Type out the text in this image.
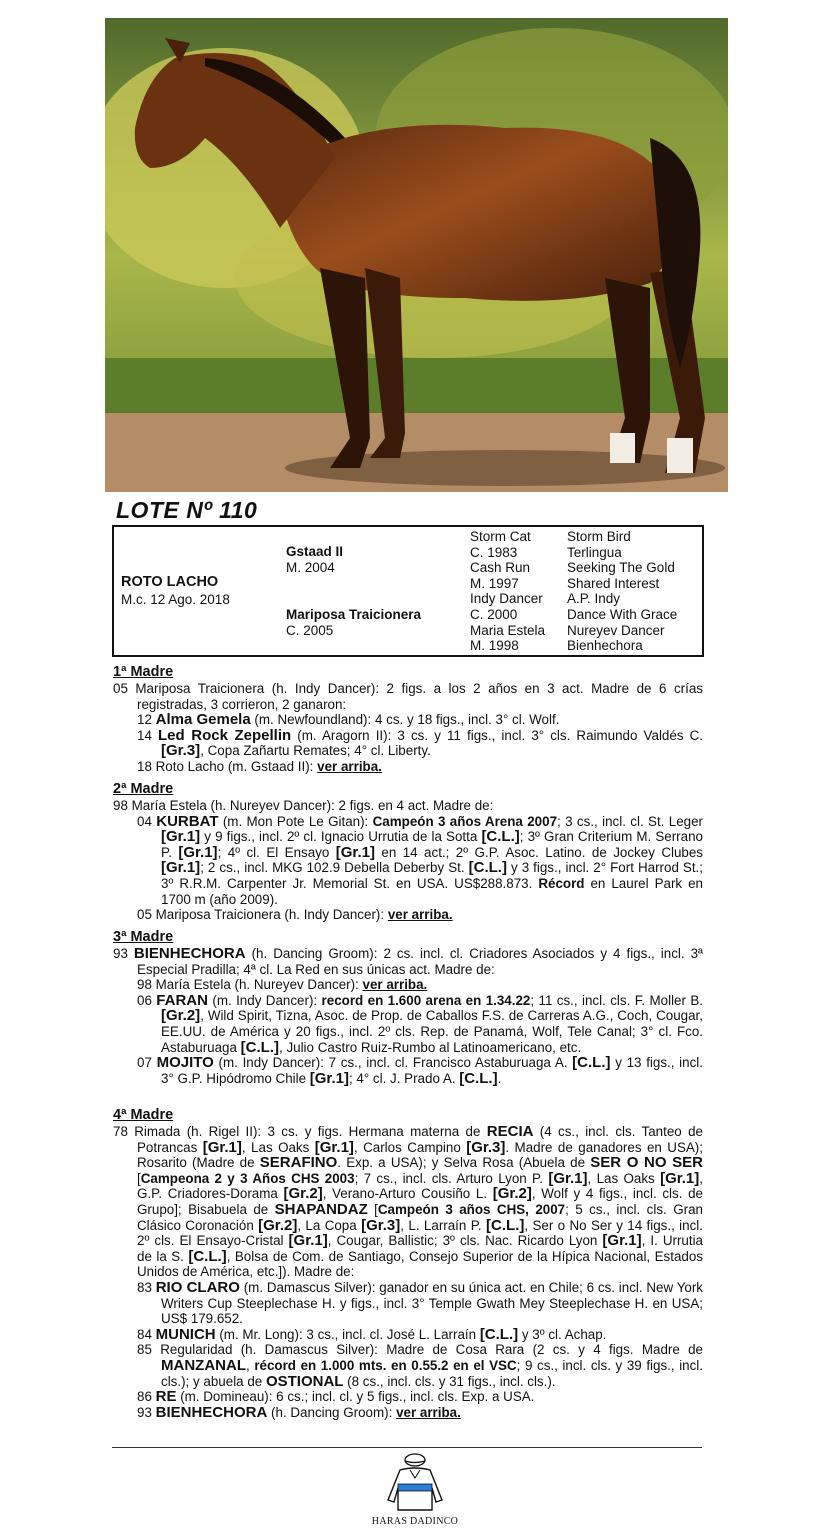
LOTE Nº 110
ROTO LACHO
M.c. 12 Ago. 2018
Gstaad II
M. 2004
Mariposa Traicionera
C. 2005
Storm Cat
C. 1983
Cash Run
M. 1997
Indy Dancer
C. 2000
Maria Estela
M. 1998
Storm Bird
Terlingua
Seeking The Gold
Shared Interest
A.P. Indy
Dance With Grace
Nureyev Dancer
Bienhechora
1ª Madre
05 Mariposa Traicionera (h. Indy Dancer): 2 figs. a los 2 años en 3 act. Madre de 6 crías registradas, 3 corrieron, 2 ganaron:
12 Alma Gemela (m. Newfoundland): 4 cs. y 18 figs., incl. 3° cl. Wolf.
14 Led Rock Zepellin (m. Aragorn II): 3 cs. y 11 figs., incl. 3° cls. Raimundo Valdés C. [Gr.3], Copa Zañartu Remates; 4° cl. Liberty.
18 Roto Lacho (m. Gstaad II): ver arriba.
2ª Madre
98 María Estela (h. Nureyev Dancer): 2 figs. en 4 act. Madre de:
04 KURBAT (m. Mon Pote Le Gitan): Campeón 3 años Arena 2007; 3 cs., incl. cl. St. Leger [Gr.1] y 9 figs., incl. 2º cl. Ignacio Urrutia de la Sotta [C.L.]; 3º Gran Criterium M. Serrano P. [Gr.1]; 4º cl. El Ensayo [Gr.1] en 14 act.; 2º G.P. Asoc. Latino. de Jockey Clubes [Gr.1]; 2 cs., incl. MKG 102.9 Debella Deberby St. [C.L.] y 3 figs., incl. 2° Fort Harrod St.; 3º R.R.M. Carpenter Jr. Memorial St. en USA. US$288.873. Récord en Laurel Park en 1700 m (año 2009).
05 Mariposa Traicionera (h. Indy Dancer): ver arriba.
3ª Madre
93 BIENHECHORA (h. Dancing Groom): 2 cs. incl. cl. Criadores Asociados y 4 figs., incl. 3ª Especial Pradilla; 4ª cl. La Red en sus únicas act. Madre de:
98 María Estela (h. Nureyev Dancer): ver arriba.
06 FARAN (m. Indy Dancer): record en 1.600 arena en 1.34.22; 11 cs., incl. cls. F. Moller B. [Gr.2], Wild Spirit, Tizna, Asoc. de Prop. de Caballos F.S. de Carreras A.G., Coch, Cougar, EE.UU. de América y 20 figs., incl. 2º cls. Rep. de Panamá, Wolf, Tele Canal; 3° cl. Fco. Astaburuaga [C.L.], Julio Castro Ruiz-Rumbo al Latinoamericano, etc.
07 MOJITO (m. Indy Dancer): 7 cs., incl. cl. Francisco Astaburuaga A. [C.L.] y 13 figs., incl. 3° G.P. Hipódromo Chile [Gr.1]; 4° cl. J. Prado A. [C.L.].
4ª Madre
78 Rimada (h. Rigel II): 3 cs. y figs. Hermana materna de RECIA (4 cs., incl. cls. Tanteo de Potrancas [Gr.1], Las Oaks [Gr.1], Carlos Campino [Gr.3]. Madre de ganadores en USA); Rosarito (Madre de SERAFINO. Exp. a USA); y Selva Rosa (Abuela de SER O NO SER [Campeona 2 y 3 Años CHS 2003; 7 cs., incl. cls. Arturo Lyon P. [Gr.1], Las Oaks [Gr.1], G.P. Criadores-Dorama [Gr.2], Verano-Arturo Cousiño L. [Gr.2], Wolf y 4 figs., incl. cls. de Grupo]; Bisabuela de SHAPANDAZ [Campeón 3 años CHS, 2007; 5 cs., incl. cls. Gran Clásico Coronación [Gr.2], La Copa [Gr.3], L. Larraín P. [C.L.], Ser o No Ser y 14 figs., incl. 2º cls. El Ensayo-Cristal [Gr.1], Cougar, Ballistic; 3º cls. Nac. Ricardo Lyon [Gr.1], I. Urrutia de la S. [C.L.], Bolsa de Com. de Santiago, Consejo Superior de la Hípica Nacional, Estados Unidos de América, etc.]). Madre de:
83 RIO CLARO (m. Damascus Silver): ganador en su única act. en Chile; 6 cs. incl. New York Writers Cup Steeplechase H. y figs., incl. 3° Temple Gwath Mey Steeplechase H. en USA; US$ 179.652.
84 MUNICH (m. Mr. Long): 3 cs., incl. cl. José L. Larraín [C.L.] y 3º cl. Achap.
85 Regularidad (h. Damascus Silver): Madre de Cosa Rara (2 cs. y 4 figs. Madre de MANZANAL, récord en 1.000 mts. en 0.55.2 en el VSC; 9 cs., incl. cls. y 39 figs., incl. cls.); y abuela de OSTIONAL (8 cs., incl. cls. y 31 figs., incl. cls.).
86 RE (m. Domineau): 6 cs.; incl. cl. y 5 figs., incl. cls. Exp. a USA.
93 BIENHECHORA (h. Dancing Groom): ver arriba.
HARAS DADINCO
